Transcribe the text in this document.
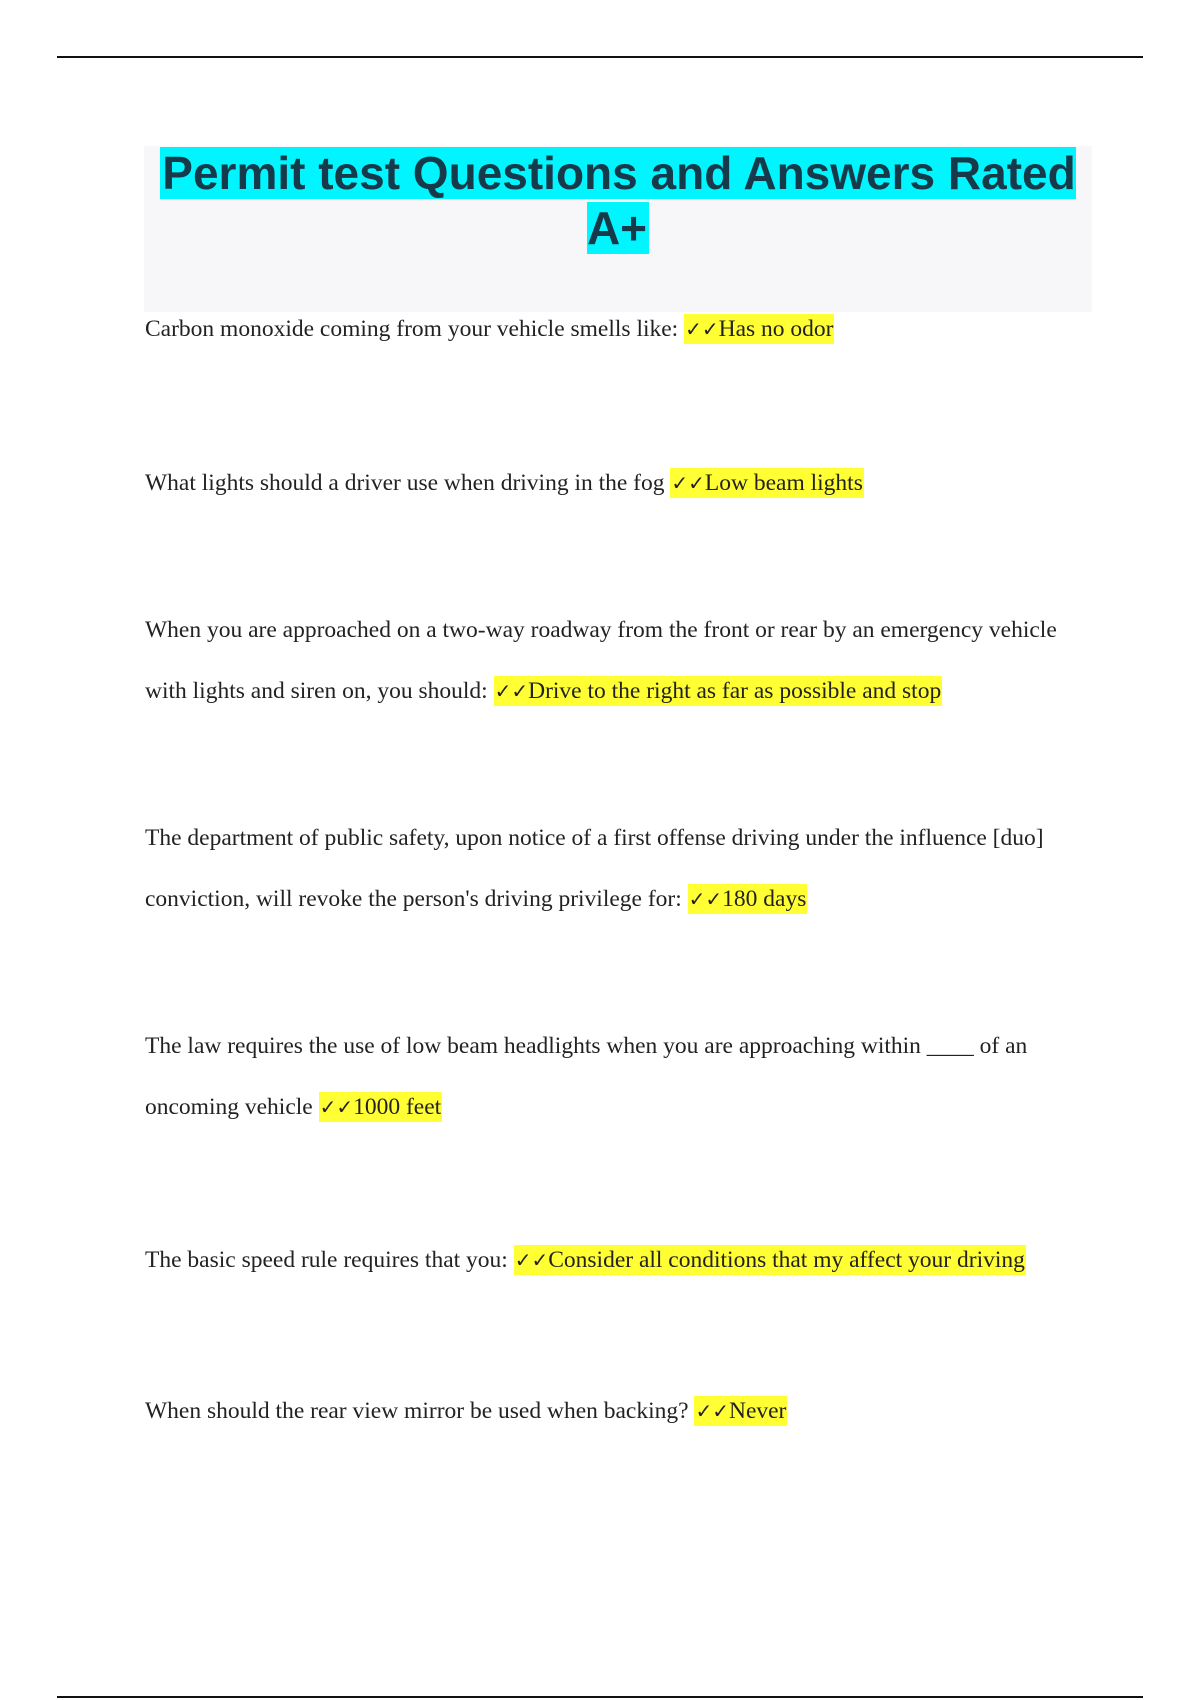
Permit test Questions and Answers Rated A+

Carbon monoxide coming from your vehicle smells like: ✓✓Has no odor

What lights should a driver use when driving in the fog ✓✓Low beam lights

When you are approached on a two-way roadway from the front or rear by an emergency vehicle with lights and siren on, you should: ✓✓Drive to the right as far as possible and stop

The department of public safety, upon notice of a first offense driving under the influence [duo] conviction, will revoke the person's driving privilege for: ✓✓180 days

The law requires the use of low beam headlights when you are approaching within ____ of an oncoming vehicle ✓✓1000 feet

The basic speed rule requires that you: ✓✓Consider all conditions that my affect your driving

When should the rear view mirror be used when backing? ✓✓Never
